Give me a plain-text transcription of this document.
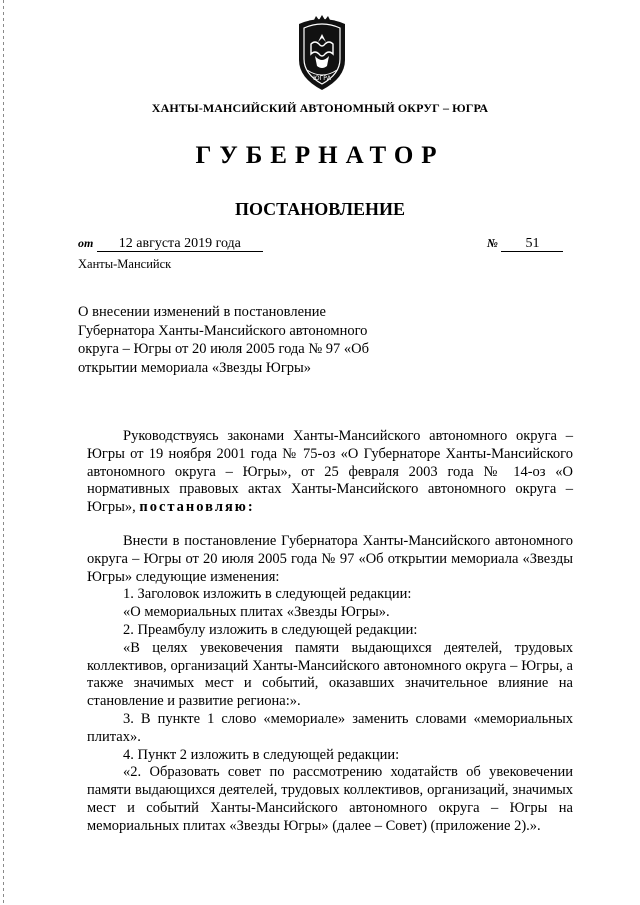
ЮГРА
ХАНТЫ-МАНСИЙСКИЙ АВТОНОМНЫЙ ОКРУГ – ЮГРА
ГУБЕРНАТОР
ПОСТАНОВЛЕНИЕ
от 12 августа 2019 года	№ 51
Ханты-Мансийск
О внесении изменений в постановление Губернатора Ханты-Мансийского автономного округа – Югры от 20 июля 2005 года № 97 «Об открытии мемориала «Звезды Югры»

Руководствуясь законами Ханты-Мансийского автономного округа – Югры от 19 ноября 2001 года № 75-оз «О Губернаторе Ханты-Мансийского автономного округа – Югры», от 25 февраля 2003 года № 14-оз «О нормативных правовых актах Ханты-Мансийского автономного округа – Югры», постановляю:

Внести в постановление Губернатора Ханты-Мансийского автономного округа – Югры от 20 июля 2005 года № 97 «Об открытии мемориала «Звезды Югры» следующие изменения:

1. Заголовок изложить в следующей редакции:

«О мемориальных плитах «Звезды Югры».

2. Преамбулу изложить в следующей редакции:

«В целях увековечения памяти выдающихся деятелей, трудовых коллективов, организаций Ханты-Мансийского автономного округа – Югры, а также значимых мест и событий, оказавших значительное влияние на становление и развитие региона:».

3. В пункте 1 слово «мемориале» заменить словами «мемориальных плитах».

4. Пункт 2 изложить в следующей редакции:

«2. Образовать совет по рассмотрению ходатайств об увековечении памяти выдающихся деятелей, трудовых коллективов, организаций, значимых мест и событий Ханты-Мансийского автономного округа – Югры на мемориальных плитах «Звезды Югры» (далее – Совет) (приложение 2).».
